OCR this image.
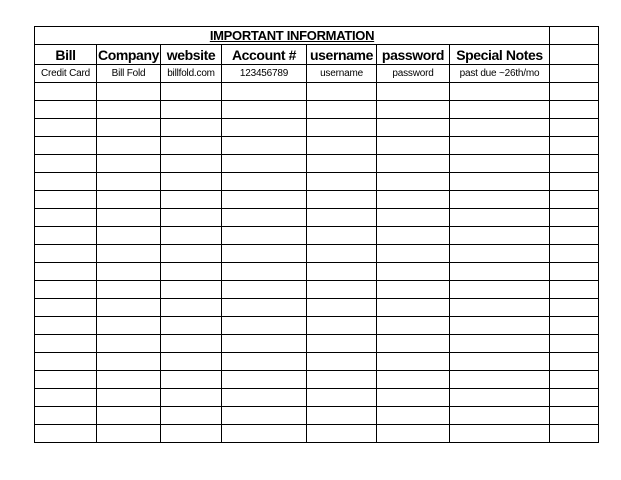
IMPORTANT INFORMATION							
Bill	Company	website	Account #	username	password	Special Notes	
Credit Card	Bill Fold	billfold.com	123456789	username	password	past due ~26th/mo	
